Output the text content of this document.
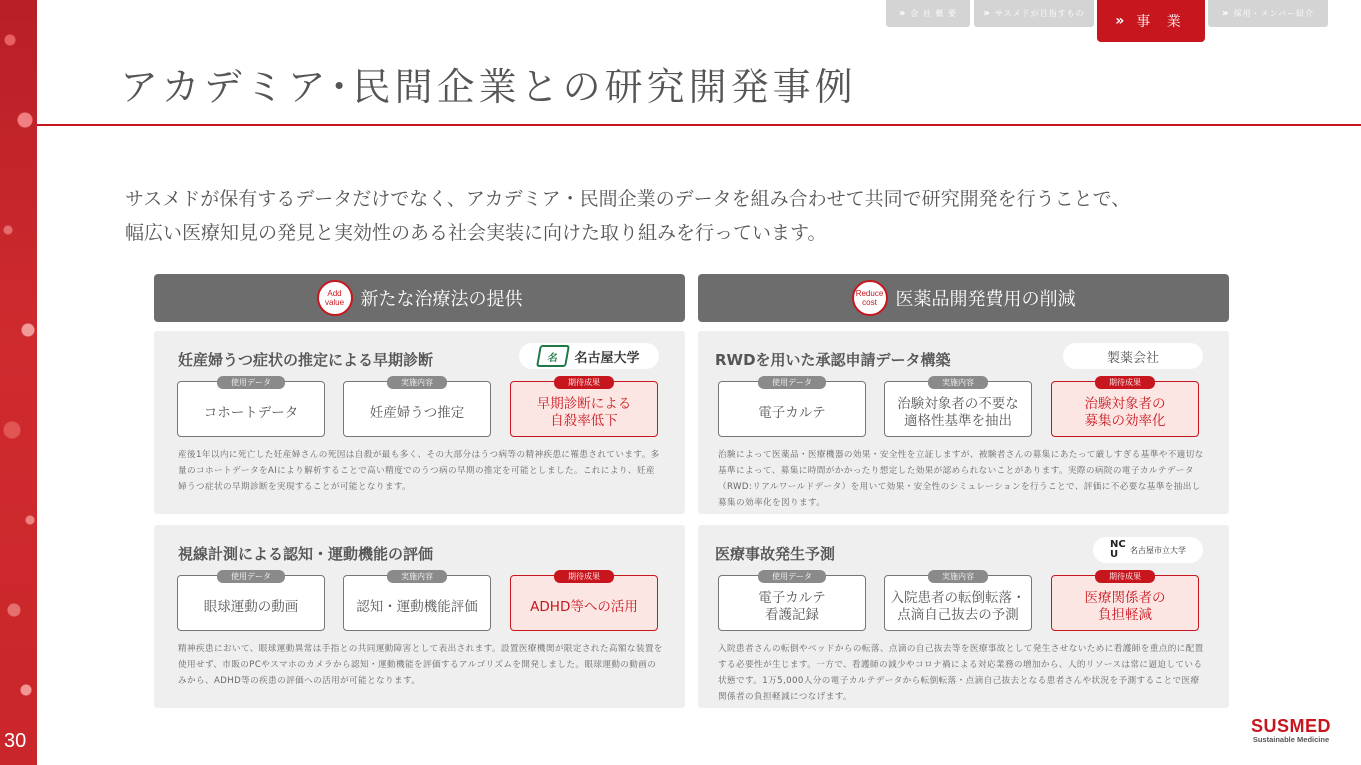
30
» 会 社 概 要	» サスメドが目指すもの » 事 業
» 採用・メンバー紹介
アカデミア･民間企業との研究開発事例
サスメドが保有するデータだけでなく、アカデミア・民間企業のデータを組み合わせて共同で研究開発を行うことで、
幅広い医療知見の発見と実効性のある社会実装に向けた取り組みを行っています。
Add
value 新たな治療法の提供	Reduce
cost 医薬品開発費用の削減
妊産婦うつ症状の推定による早期診断	名	名古屋大学
使用データ
コホートデータ
実施内容
妊産婦うつ推定
期待成果
早期診断による
自殺率低下
産後1年以内に死亡した妊産婦さんの死因は自殺が最も多く、その大部分はうつ病等の精神疾患に罹患されています。多量のコホートデータをAIにより解析することで高い精度でのうつ病の早期の推定を可能としました。これにより、妊産婦うつ症状の早期診断を実現することが可能となります。
RWDを用いた承認申請データ構築	製薬会社
使用データ
電子カルテ
実施内容
治験対象者の不要な
適格性基準を抽出
期待成果
治験対象者の
募集の効率化
治験によって医薬品・医療機器の効果・安全性を立証しますが、被験者さんの募集にあたって厳しすぎる基準や不適切な基準によって、募集に時間がかかったり想定した効果が認められないことがあります。実際の病院の電子カルテデータ（RWD:リアルワールドデータ）を用いて効果・安全性のシミュレーションを行うことで、評価に不必要な基準を抽出し募集の効率化を図ります。
視線計測による認知・運動機能の評価
使用データ
眼球運動の動画
実施内容
認知・運動機能評価
期待成果
ADHD等への活用
精神疾患において、眼球運動異常は手指との共同運動障害として表出されます。設置医療機関が限定された高額な装置を使用せず、市販のPCやスマホのカメラから認知・運動機能を評価するアルゴリズムを開発しました。眼球運動の動画のみから、ADHD等の疾患の評価への活用が可能となります。
医療事故発生予測
NC
U	名古屋市立大学
使用データ
電子カルテ
看護記録
実施内容
入院患者の転倒転落・
点滴自己抜去の予測
期待成果
医療関係者の
負担軽減
入院患者さんの転倒やベッドからの転落、点滴の自己抜去等を医療事故として発生させないために看護師を重点的に配置する必要性が生じます。一方で、看護師の減少やコロナ禍による対応業務の増加から、人的リソースは常に逼迫している状態です。1万5,000人分の電子カルテデータから転倒転落・点滴自己抜去となる患者さんや状況を予測することで医療関係者の負担軽減につなげます。
SUSMED
Sustainable Medicine
